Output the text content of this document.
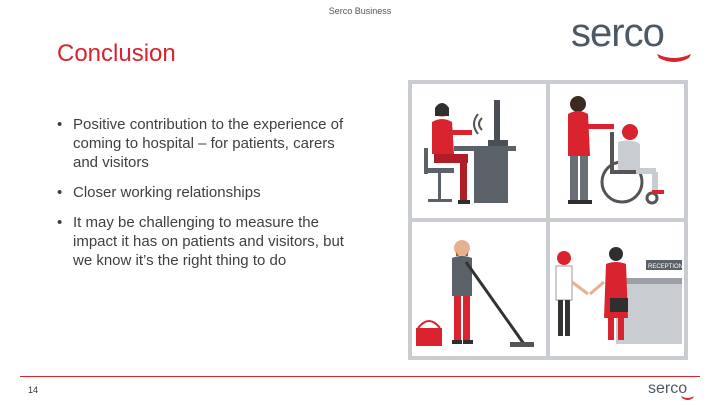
Serco Business
Conclusion	serco
• Positive contribution to the experience of coming to hospital – for patients, carers and visitors
• Closer working relationships
• It may be challenging to measure the impact it has on patients and visitors, but we know it’s the right thing to do	RECEPTION
14	serco
